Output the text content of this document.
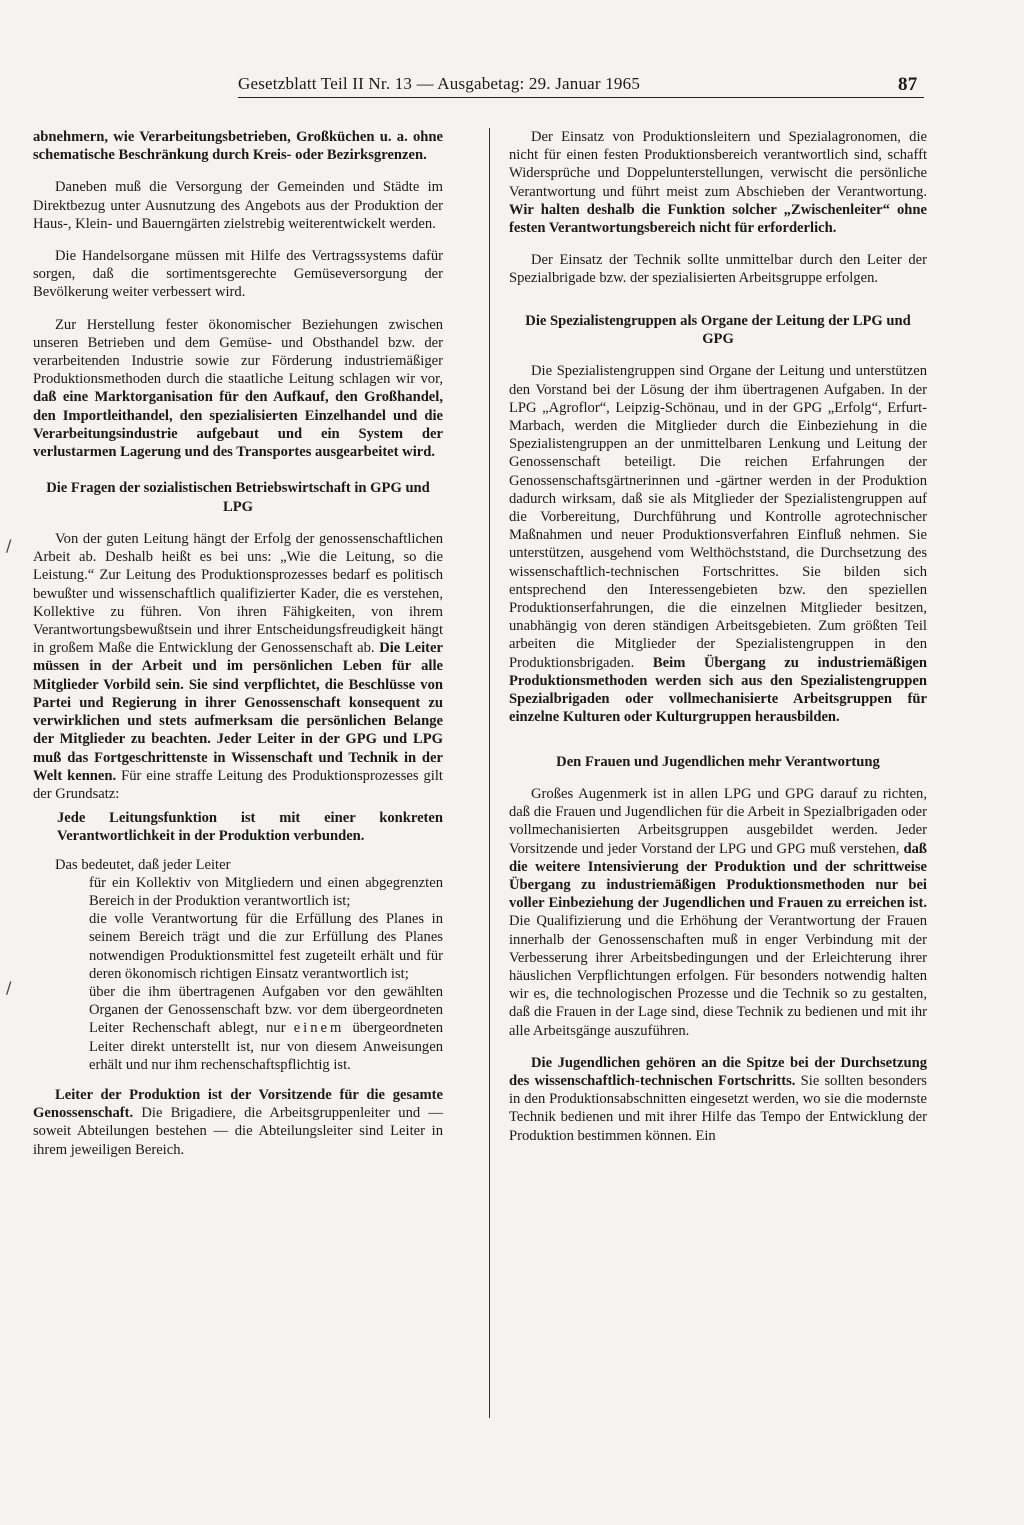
Gesetzblatt Teil II Nr. 13 — Ausgabetag: 29. Januar 1965	87
/
/

abnehmern, wie Verarbeitungsbetrieben, Großküchen u. a. ohne schematische Beschränkung durch Kreis- oder Bezirksgrenzen.

Daneben muß die Versorgung der Gemeinden und Städte im Direktbezug unter Ausnutzung des Angebots aus der Produktion der Haus-, Klein- und Bauerngärten zielstrebig weiterentwickelt werden.

Die Handelsorgane müssen mit Hilfe des Vertragssystems dafür sorgen, daß die sortimentsgerechte Gemüseversorgung der Bevölkerung weiter verbessert wird.

Zur Herstellung fester ökonomischer Beziehungen zwischen unseren Betrieben und dem Gemüse- und Obsthandel bzw. der verarbeitenden Industrie sowie zur Förderung industriemäßiger Produktionsmethoden durch die staatliche Leitung schlagen wir vor, daß eine Marktorganisation für den Aufkauf, den Großhandel, den Importleithandel, den spezialisierten Einzelhandel und die Verarbeitungsindustrie aufgebaut und ein System der verlustarmen Lagerung und des Transportes ausgearbeitet wird.

Die Fragen der sozialistischen Betriebswirtschaft in GPG und LPG

Von der guten Leitung hängt der Erfolg der genossenschaftlichen Arbeit ab. Deshalb heißt es bei uns: „Wie die Leitung, so die Leistung.“ Zur Leitung des Produktionsprozesses bedarf es politisch bewußter und wissenschaftlich qualifizierter Kader, die es verstehen, Kollektive zu führen. Von ihren Fähigkeiten, von ihrem Verantwortungsbewußtsein und ihrer Entscheidungsfreudigkeit hängt in großem Maße die Entwicklung der Genossenschaft ab. Die Leiter müssen in der Arbeit und im persönlichen Leben für alle Mitglieder Vorbild sein. Sie sind verpflichtet, die Beschlüsse von Partei und Regierung in ihrer Genossenschaft konsequent zu verwirklichen und stets aufmerksam die persönlichen Belange der Mitglieder zu beachten. Jeder Leiter in der GPG und LPG muß das Fortgeschrittenste in Wissenschaft und Technik in der Welt kennen. Für eine straffe Leitung des Produktionsprozesses gilt der Grundsatz:

Jede Leitungsfunktion ist mit einer konkreten Verantwortlichkeit in der Produktion verbunden.

Das bedeutet, daß jeder Leiter

für ein Kollektiv von Mitgliedern und einen abgegrenzten Bereich in der Produktion verantwortlich ist;
die volle Verantwortung für die Erfüllung des Planes in seinem Bereich trägt und die zur Erfüllung des Planes notwendigen Produktionsmittel fest zugeteilt erhält und für deren ökonomisch richtigen Einsatz verantwortlich ist;
über die ihm übertragenen Aufgaben vor den gewählten Organen der Genossenschaft bzw. vor dem übergeordneten Leiter Rechenschaft ablegt, nur einem übergeordneten Leiter direkt unterstellt ist, nur von diesem Anweisungen erhält und nur ihm rechenschaftspflichtig ist.

Leiter der Produktion ist der Vorsitzende für die gesamte Genossenschaft. Die Brigadiere, die Arbeitsgruppenleiter und — soweit Abteilungen bestehen — die Abteilungsleiter sind Leiter in ihrem jeweiligen Bereich.

Der Einsatz von Produktionsleitern und Spezialagronomen, die nicht für einen festen Produktionsbereich verantwortlich sind, schafft Widersprüche und Doppelunterstellungen, verwischt die persönliche Verantwortung und führt meist zum Abschieben der Verantwortung. Wir halten deshalb die Funktion solcher „Zwischenleiter“ ohne festen Verantwortungsbereich nicht für erforderlich.

Der Einsatz der Technik sollte unmittelbar durch den Leiter der Spezialbrigade bzw. der spezialisierten Arbeitsgruppe erfolgen.

Die Spezialistengruppen als Organe der Leitung der LPG und GPG

Die Spezialistengruppen sind Organe der Leitung und unterstützen den Vorstand bei der Lösung der ihm übertragenen Aufgaben. In der LPG „Agroflor“, Leipzig-Schönau, und in der GPG „Erfolg“, Erfurt-Marbach, werden die Mitglieder durch die Einbeziehung in die Spezialistengruppen an der unmittelbaren Lenkung und Leitung der Genossenschaft beteiligt. Die reichen Erfahrungen der Genossenschaftsgärtnerinnen und -gärtner werden in der Produktion dadurch wirksam, daß sie als Mitglieder der Spezialistengruppen auf die Vorbereitung, Durchführung und Kontrolle agrotechnischer Maßnahmen und neuer Produktionsverfahren Einfluß nehmen. Sie unterstützen, ausgehend vom Welthöchststand, die Durchsetzung des wissenschaftlich-technischen Fortschrittes. Sie bilden sich entsprechend den Interessengebieten bzw. den speziellen Produktionserfahrungen, die die einzelnen Mitglieder besitzen, unabhängig von deren ständigen Arbeitsgebieten. Zum größten Teil arbeiten die Mitglieder der Spezialistengruppen in den Produktionsbrigaden. Beim Übergang zu industriemäßigen Produktionsmethoden werden sich aus den Spezialistengruppen Spezialbrigaden oder vollmechanisierte Arbeitsgruppen für einzelne Kulturen oder Kulturgruppen herausbilden.

Den Frauen und Jugendlichen mehr Verantwortung

Großes Augenmerk ist in allen LPG und GPG darauf zu richten, daß die Frauen und Jugendlichen für die Arbeit in Spezialbrigaden oder vollmechanisierten Arbeitsgruppen ausgebildet werden. Jeder Vorsitzende und jeder Vorstand der LPG und GPG muß verstehen, daß die weitere Intensivierung der Produktion und der schrittweise Übergang zu industriemäßigen Produktionsmethoden nur bei voller Einbeziehung der Jugendlichen und Frauen zu erreichen ist. Die Qualifizierung und die Erhöhung der Verantwortung der Frauen innerhalb der Genossenschaften muß in enger Verbindung mit der Verbesserung ihrer Arbeitsbedingungen und der Erleichterung ihrer häuslichen Verpflichtungen erfolgen. Für besonders notwendig halten wir es, die technologischen Prozesse und die Technik so zu gestalten, daß die Frauen in der Lage sind, diese Technik zu bedienen und mit ihr alle Arbeitsgänge auszuführen.

Die Jugendlichen gehören an die Spitze bei der Durchsetzung des wissenschaftlich-technischen Fortschritts. Sie sollten besonders in den Produktionsabschnitten eingesetzt werden, wo sie die modernste Technik bedienen und mit ihrer Hilfe das Tempo der Entwicklung der Produktion bestimmen können. Ein
